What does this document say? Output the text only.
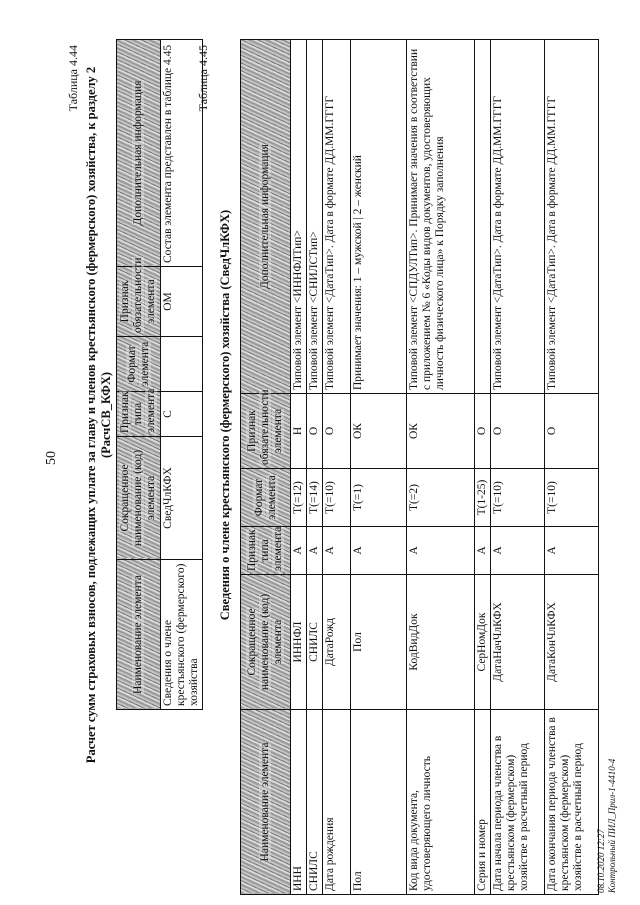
50
Таблица 4.44 Расчет сумм страховых взносов, подлежащих уплате за главу и членов крестьянского (фермерского) хозяйства, к разделу 2 (РасчСВ_КФХ)
Наименование элемента	Сокращенное наименование (код) элемента	Признак типа элемента	Формат элемента	Признак обязательности элемента	Дополнительная информация
Сведения о члене крестьянского (фермерского) хозяйства	СведЧлКФХ	С		ОМ	Состав элемента представлен в таблице 4.45 Таблица 4.45
Сведения о члене крестьянского (фермерского) хозяйства (СведЧлКФХ)
Наименование элемента	Сокращенное наименование (код) элемента	Признак типа элемента	Формат элемента	Признак обязательности элемента	Дополнительная информация
ИНН	ИННФЛ	А	T(=12)	Н	Типовой элемент <ИННФЛТип>
СНИЛС	СНИЛС	А	T(=14)	О	Типовой элемент <СНИЛСТип>
Дата рождения	ДатаРожд	А	T(=10)	О	Типовой элемент <ДатаТип>. Дата в формате ДД.ММ.ГГГГ
Пол	Пол	А	T(=1)	ОК	Принимает значения: 1 – мужской | 2 – женский
Код вида документа, удостоверяющего личность	КодВидДок	А	T(=2)	ОК	Типовой элемент <СПДУЛТип>. Принимает значения в соответствии с приложением № 6 «Коды видов документов, удостоверяющих личность физического лица» к Порядку заполнения
Серия и номер	СерНомДок	А	T(1-25)	О	
Дата начала периода членства в крестьянском (фермерском) хозяйстве в расчетный период	ДатаНачЧлКФХ	А	T(=10)	О	Типовой элемент <ДатаТип>. Дата в формате ДД.ММ.ГГГГ
Дата окончания периода членства в крестьянском (фермерском) хозяйстве в расчетный период	ДатаКонЧлКФХ	А	T(=10)	О	Типовой элемент <ДатаТип>. Дата в формате ДД.ММ.ГГГГ
08.10.2020 12:27 Контрольный ПИЛ_Прил-1-4410-4
